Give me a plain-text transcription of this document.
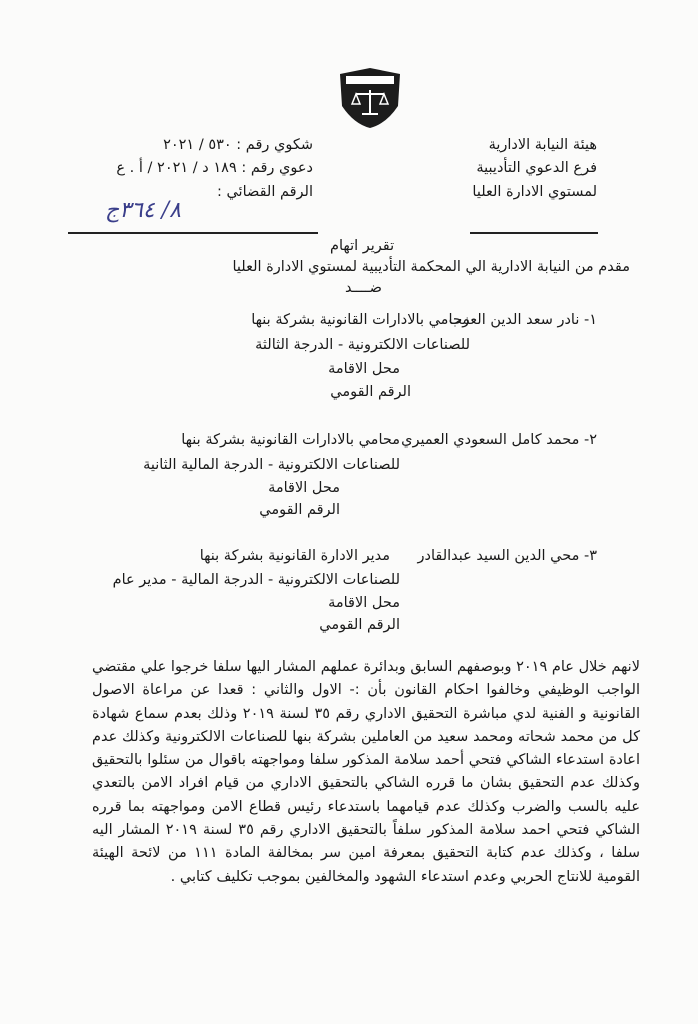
هيئة النيابة الادارية
فرع الدعوي التأديبية
لمستوي الادارة العليا
شكوي رقم : ٥٣٠ / ٢٠٢١
دعوي رقم : ١٨٩ د / ٢٠٢١ / أ . ع
الرقم القضائي :
٨/ ٣٦٤ج
تقرير اتهام
مقدم من النيابة الادارية الي المحكمة التأديبية لمستوي الادارة العليا
ضــــد
١- نادر سعد الدين العزب
محامي بالادارات القانونية بشركة بنها
للصناعات الالكترونية - الدرجة الثالثة
محل الاقامة
الرقم القومي
٢- محمد كامل السعودي العميري
محامي بالادارات القانونية بشركة بنها
للصناعات الالكترونية - الدرجة المالية الثانية
محل الاقامة
الرقم القومي
٣- محي الدين السيد عبدالقادر
مدير الادارة القانونية بشركة بنها
للصناعات الالكترونية - الدرجة المالية - مدير عام
محل الاقامة
الرقم القومي
لانهم خلال عام ٢٠١٩ وبوصفهم السابق وبدائرة عملهم المشار اليها سلفا خرجوا علي مقتضي الواجب الوظيفي وخالفوا احكام القانون بأن :- الاول والثاني : قعدا عن مراعاة الاصول القانونية و الفنية لدي مباشرة التحقيق الاداري رقم ٣٥ لسنة ٢٠١٩ وذلك بعدم سماع شهادة كل من محمد شحاته ومحمد سعيد من العاملين بشركة بنها للصناعات الالكترونية وكذلك عدم اعادة استدعاء الشاكي فتحي أحمد سلامة المذكور سلفا ومواجهته باقوال من سئلوا بالتحقيق وكذلك عدم التحقيق بشان ما قرره الشاكي بالتحقيق الاداري من قيام افراد الامن بالتعدي عليه بالسب والضرب وكذلك عدم قيامهما باستدعاء رئيس قطاع الامن ومواجهته بما قرره الشاكي فتحي احمد سلامة المذكور سلفاً بالتحقيق الاداري رقم ٣٥ لسنة ٢٠١٩ المشار اليه سلفا ، وكذلك عدم كتابة التحقيق بمعرفة امين سر بمخالفة المادة ١١١ من لائحة الهيئة القومية للانتاج الحربي وعدم استدعاء الشهود والمخالفين بموجب تكليف كتابي .
